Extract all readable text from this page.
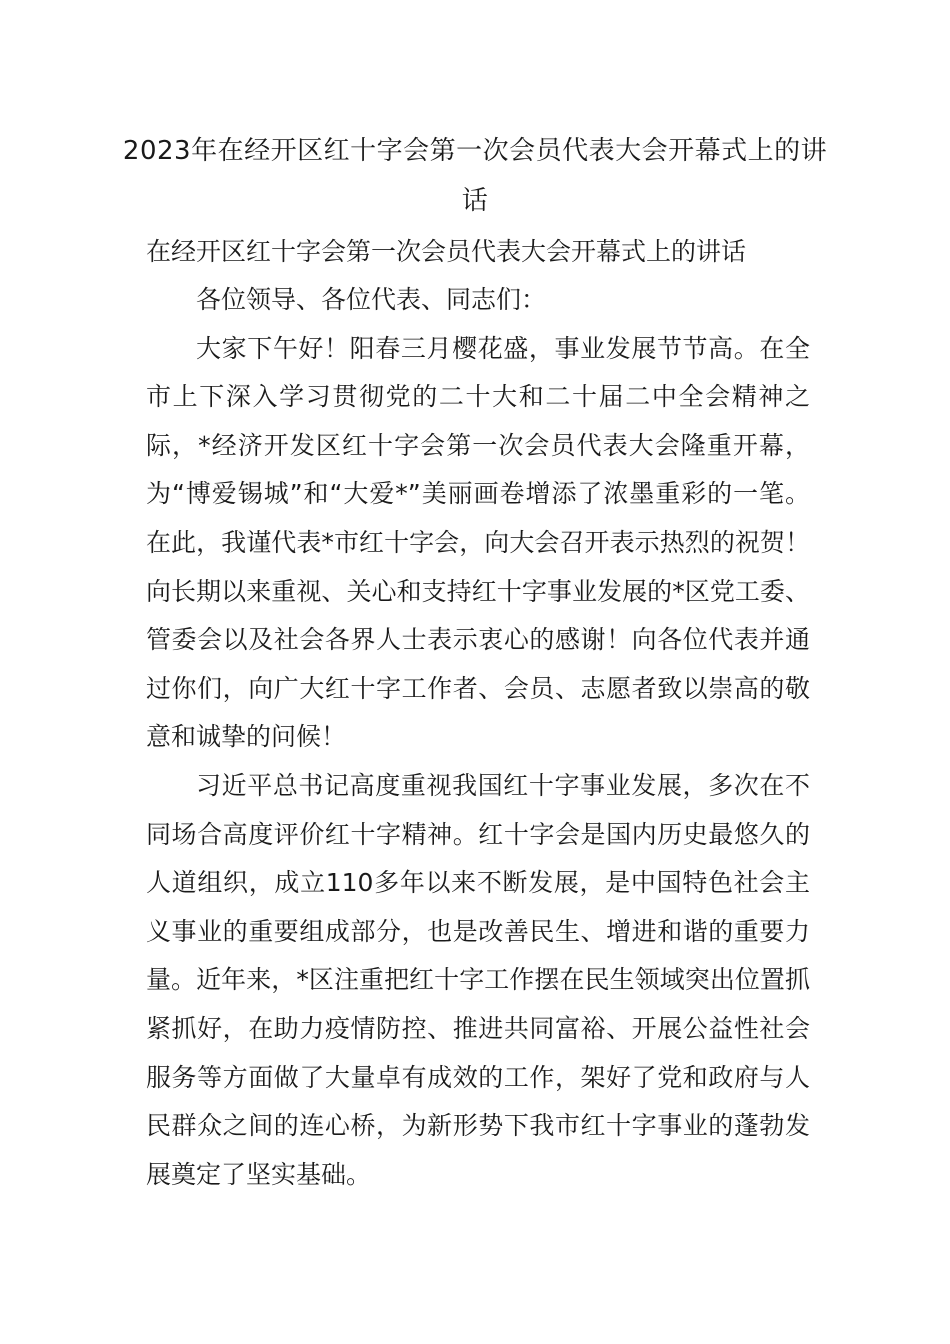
2023年在经开区红十字会第一次会员代表大会开幕式上的讲话
在经开区红十字会第一次会员代表大会开幕式上的讲话

各位领导、各位代表、同志们：

大家下午好！阳春三月樱花盛，事业发展节节高。在全市上下深入学习贯彻党的二十大和二十届二中全会精神之际，*经济开发区红十字会第一次会员代表大会隆重开幕，为“博爱锡城”和“大爱*”美丽画卷增添了浓墨重彩的一笔。在此，我谨代表*市红十字会，向大会召开表示热烈的祝贺！向长期以来重视、关心和支持红十字事业发展的*区党工委、管委会以及社会各界人士表示衷心的感谢！向各位代表并通过你们，向广大红十字工作者、会员、志愿者致以崇高的敬意和诚挚的问候！

习近平总书记高度重视我国红十字事业发展，多次在不同场合高度评价红十字精神。红十字会是国内历史最悠久的人道组织，成立110多年以来不断发展，是中国特色社会主义事业的重要组成部分，也是改善民生、增进和谐的重要力量。近年来，*区注重把红十字工作摆在民生领域突出位置抓紧抓好，在助力疫情防控、推进共同富裕、开展公益性社会服务等方面做了大量卓有成效的工作，架好了党和政府与人民群众之间的连心桥，为新形势下我市红十字事业的蓬勃发展奠定了坚实基础。
